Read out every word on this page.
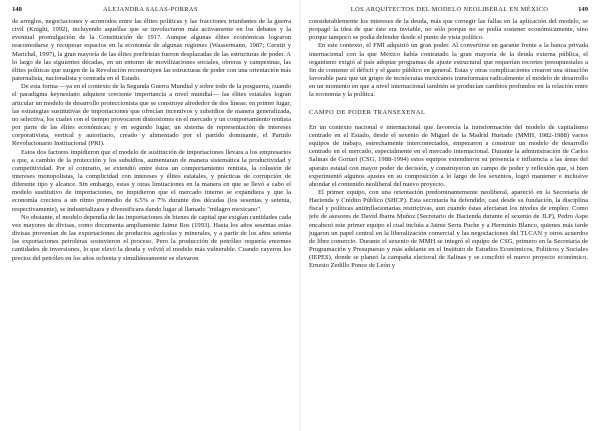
148	ALEJANDRA SALAS-PORRAS

de arreglos, negociaciones y acomodos entre las élites políticas y las fracciones triunfantes de la guerra civil (Knight, 1992), incluyendo aquellas que se involucraron más activamente en los debates y la eventual promulgación de la Constitución de 1917. Aunque algunas élites económicas lograron reacomodarse y recuperar espacios en la economía de algunas regiones (Wassermann, 1987; Cerutti y Marichal, 1997), la gran mayoría de las élites porfiristas fueron desplazadas de las estructuras de poder. A lo largo de las siguientes décadas, en un entorno de movilizaciones sociales, obreras y campesinas, las élites políticas que surgen de la Revolución reconstruyen las estructuras de poder con una orientación más paternalista, nacionalista y centrada en el Estado.

De esta forma —ya en el contexto de la Segunda Guerra Mundial y sobre todo de la posguerra, cuando el paradigma keynesiano adquiere creciente importancia a nivel mundial— las élites estatales logran articular un modelo de desarrollo proteccionista que se construye alrededor de dos líneas: en primer lugar, las estrategias sustitutivas de importaciones que ofrecían incentivos y subsidios de manera generalizada, no selectiva, los cuales con el tiempo provocaron distorsiones en el mercado y un comportamiento rentista por parte de las élites económicas; y en segundo lugar, un sistema de representación de intereses corporativista, vertical y autoritario, creado y alimentado por el partido dominante, el Partido Revolucionario Institucional (PRI).

Estos dos factores impidieron que el modelo de sustitución de importaciones llevara a los empresarios a que, a cambio de la protección y los subsidios, aumentaran de manera sistemática la productividad y competitividad. Por el contrario, se extendió entre éstos un comportamiento rentista, la colusión de intereses monopolistas, la complicidad con intereses y élites estatales, y prácticas de corrupción de diferente tipo y alcance. Sin embargo, estas y otras limitaciones en la manera en que se llevó a cabo el modelo sustitutivo de importaciones, no impidieron que el mercado interno se expandiera y que la economía creciera a un ritmo promedio de 6.5% a 7% durante dos décadas (los sesentas y setenta, respectivamente), se industrializara y diversificara dando lugar al llamado "milagro mexicano".

No obstante, el modelo dependía de las importaciones de bienes de capital que exigían cantidades cada vez mayores de divisas, como documenta ampliamente Jaime Ros (1993). Hasta los años sesentas estas divisas provenían de las exportaciones de productos agrícolas y minerales, y a partir de los años setenta las exportaciones petroleras sostuvieron el proceso. Pero la producción de petróleo requería enormes cantidades de inversiones, lo que elevó la deuda y volvió el modelo más vulnerable. Cuando cayeron los precios del petróleo en los años ochenta y simultáneamente se elevaron

LOS ARQUITECTOS DEL MODELO NEOLIBERAL EN MÉXICO	149

considerablemente los intereses de la deuda, más que corregir las fallas en la aplicación del modelo, se propagó la idea de que éste era inviable, no sólo porque no se podía sostener económicamente, sino porque tampoco se podía defender desde el punto de vista político.

En este contexto, el FMI adquirió un gran poder. Al convertirse en garante frente a la banca privada internacional con la que México había contratado la gran mayoría de la deuda externa pública, el organismo exigió al país adoptar programas de ajuste estructural que requerían recortes presupuestales a fin de contener el déficit y el gasto público en general. Estas y otras complicaciones crearon una situación favorable para que un grupo de tecnócratas mexicanos transformara radicalmente el modelo de desarrollo en un momento en que a nivel internacional también se producían cambios profundos en la relación entre la economía y la política.

CAMPO DE PODER TRANSEXENAL

En un contexto nacional e internacional que favorecía la transformación del modelo de capitalismo centrado en el Estado, desde el sexenio de Miguel de la Madrid Hurtado (MMH, 1982-1988) varios equipos de trabajo, estrechamente interconectados, empezaron a construir un modelo de desarrollo centrado en el mercado, especialmente en el mercado internacional. Durante la administración de Carlos Salinas de Gortari (CSG, 1988-1994) estos equipos extendieron su presencia e influencia a las áreas del aparato estatal con mayor poder de decisión, y construyeron un campo de poder y reflexión que, si bien experimentó algunos ajustes en su composición a lo largo de los sexenios, logró mantener e inclusive ahondar el contenido neoliberal del nuevo proyecto.

El primer equipo, con una orientación predominantemente neoliberal, apareció en la Secretaría de Hacienda y Crédito Público (SHCP). Esta secretaría ha defendido, casi desde su fundación, la disciplina fiscal y políticas antiinflacionarias restrictivas, aun cuando éstas afectaran los niveles de empleo. Como jefe de asesores de David Ibarra Muñoz (Secretario de Hacienda durante el sexenio de JLP), Pedro Aspe encabezó este primer equipo el cual incluía a Jaime Serra Puche y a Herminio Blanco, quienes más tarde jugaron un papel central en la liberalización comercial y las negociaciones del TLCAN y otros acuerdos de libre comercio. Durante el sexenio de MMH se integró el equipo de CSG, primero en la Secretaría de Programación y Presupuesto y más adelante en el Instituto de Estudios Económicos, Políticos y Sociales (IEPES), donde se planeó la campaña electoral de Salinas y se concibió el nuevo proyecto económico. Ernesto Zedillo Ponce de León y
